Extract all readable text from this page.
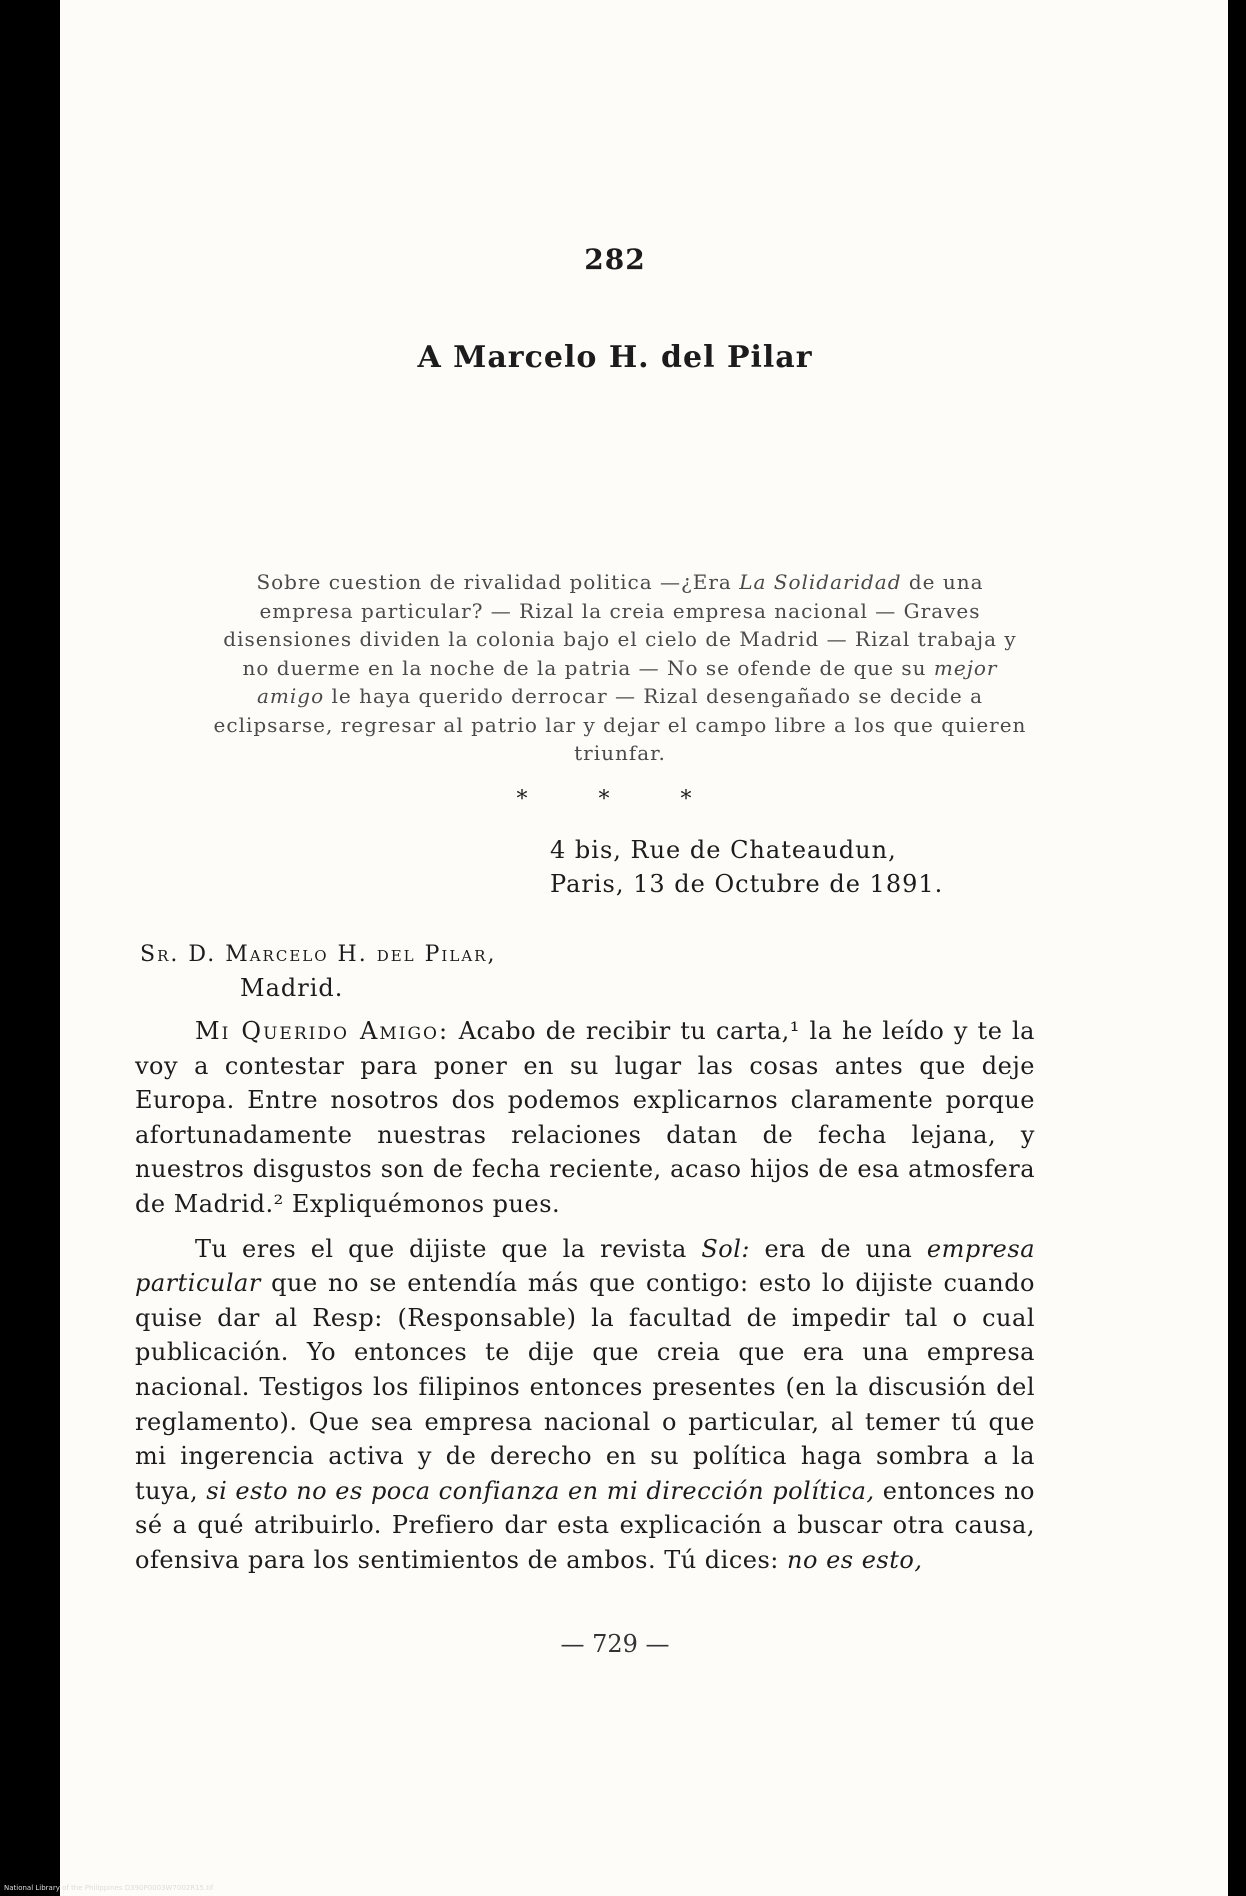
282
A Marcelo H. del Pilar
Sobre cuestion de rivalidad politica —¿Era La Solidaridad de una empresa particular? — Rizal la creia empresa nacional — Graves disensiones dividen la colonia bajo el cielo de Madrid — Rizal trabaja y no duerme en la noche de la patria — No se ofende de que su mejor amigo le haya querido derrocar — Rizal desengañado se decide a eclipsarse, regresar al patrio lar y dejar el campo libre a los que quieren triunfar.
* * *
4 bis, Rue de Chateaudun,
Paris, 13 de Octubre de 1891.
Sr. D. Marcelo H. del Pilar,
Madrid.

Mi Querido Amigo: Acabo de recibir tu carta,¹ la he leído y te la voy a contestar para poner en su lugar las cosas antes que deje Europa. Entre nosotros dos podemos explicarnos claramente porque afortunadamente nuestras relaciones datan de fecha lejana, y nuestros disgustos son de fecha reciente, acaso hijos de esa atmosfera de Madrid.² Expliquémonos pues.

Tu eres el que dijiste que la revista Sol: era de una empresa particular que no se entendía más que contigo: esto lo dijiste cuando quise dar al Resp: (Responsable) la facultad de impedir tal o cual publicación. Yo entonces te dije que creia que era una empresa nacional. Testigos los filipinos entonces presentes (en la discusión del reglamento). Que sea empresa nacional o particular, al temer tú que mi ingerencia activa y de derecho en su política haga sombra a la tuya, si esto no es poca confianza en mi dirección política, entonces no sé a qué atribuirlo. Prefiero dar esta explicación a buscar otra causa, ofensiva para los sentimientos de ambos. Tú dices: no es esto,

— 729 —
National Library of the Philippines D390P0003W7002R15.tif
